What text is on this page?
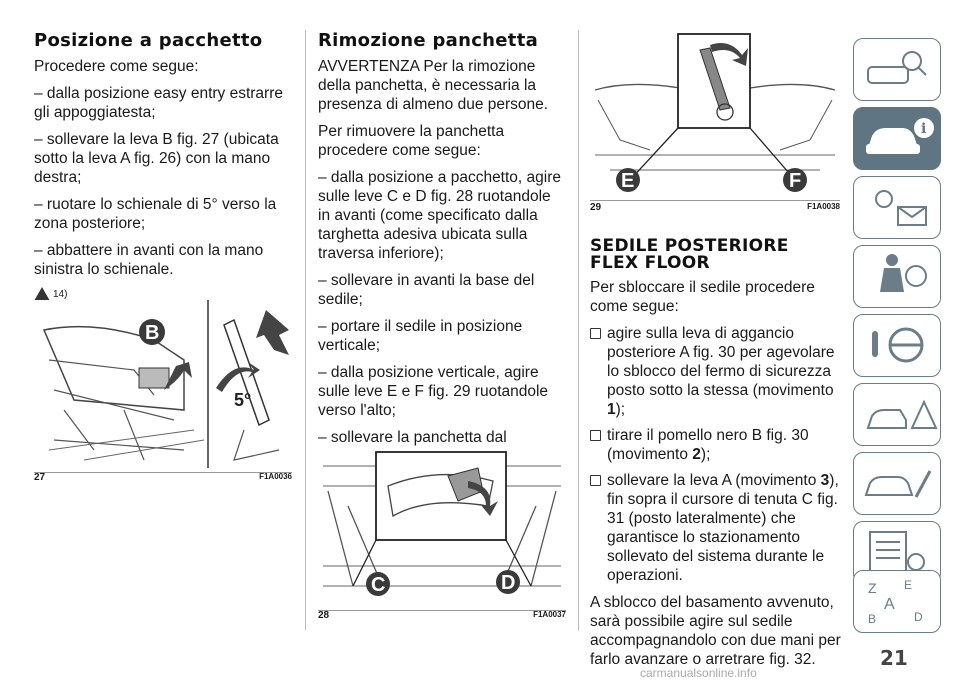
Posizione a pacchetto

Procedere come segue:

– dalla posizione easy entry estrarre gli appoggiatesta;

– sollevare la leva B fig. 27 (ubicata sotto la leva A fig. 26) con la mano destra;

– ruotare lo schienale di 5° verso la zona posteriore;

– abbattere in avanti con la mano sinistra lo schienale.

14)
B
5°
27	F1A0036
Rimozione panchetta

AVVERTENZA Per la rimozione della panchetta, è necessaria la presenza di almeno due persone.

Per rimuovere la panchetta procedere come segue:

– dalla posizione a pacchetto, agire sulle leve C e D fig. 28 ruotandole in avanti (come specificato dalla targhetta adesiva ubicata sulla traversa inferiore);

– sollevare in avanti la base del sedile;

– portare il sedile in posizione verticale;

– dalla posizione verticale, agire sulle leve E e F fig. 29 ruotandole verso l'alto;

– sollevare la panchetta dal

C	D
28	F1A0037
E	F
29	F1A0038
SEDILE POSTERIORE
FLEX FLOOR

Per sbloccare il sedile procedere come segue:

agire sulla leva di aggancio posteriore A fig. 30 per agevolare lo sblocco del fermo di sicurezza posto sotto la stessa (movimento 1);
tirare il pomello nero B fig. 30 (movimento 2);
sollevare la leva A (movimento 3), fin sopra il cursore di tenuta C fig. 31 (posto lateralmente) che garantisce lo stazionamento sollevato del sistema durante le operazioni.

A sblocco del basamento avvenuto, sarà possibile agire sul sedile accompagnandolo con due mani per farlo avanzare o arretrare fig. 32.

i
Z E
A
D
B
21
carmanualsonline.info
